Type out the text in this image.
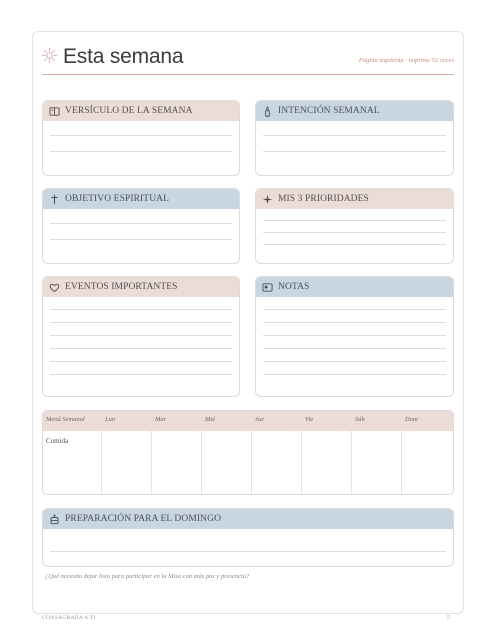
Esta semana	Página izquierda · imprime 52 veces
VERSÍCULO DE LA SEMANA	INTENCIÓN SEMANAL
OBJETIVO ESPIRITUAL	MIS 3 PRIORIDADES
EVENTOS IMPORTANTES	NOTAS
Menú Semanal	Lun	Mar	Mié	Jue	Vie	Sáb	Dom
Comida
PREPARACIÓN PARA EL DOMINGO
¿Qué necesito dejar listo para participar en la Misa con más paz y presencia?
CONSAGRADA A TI	5
